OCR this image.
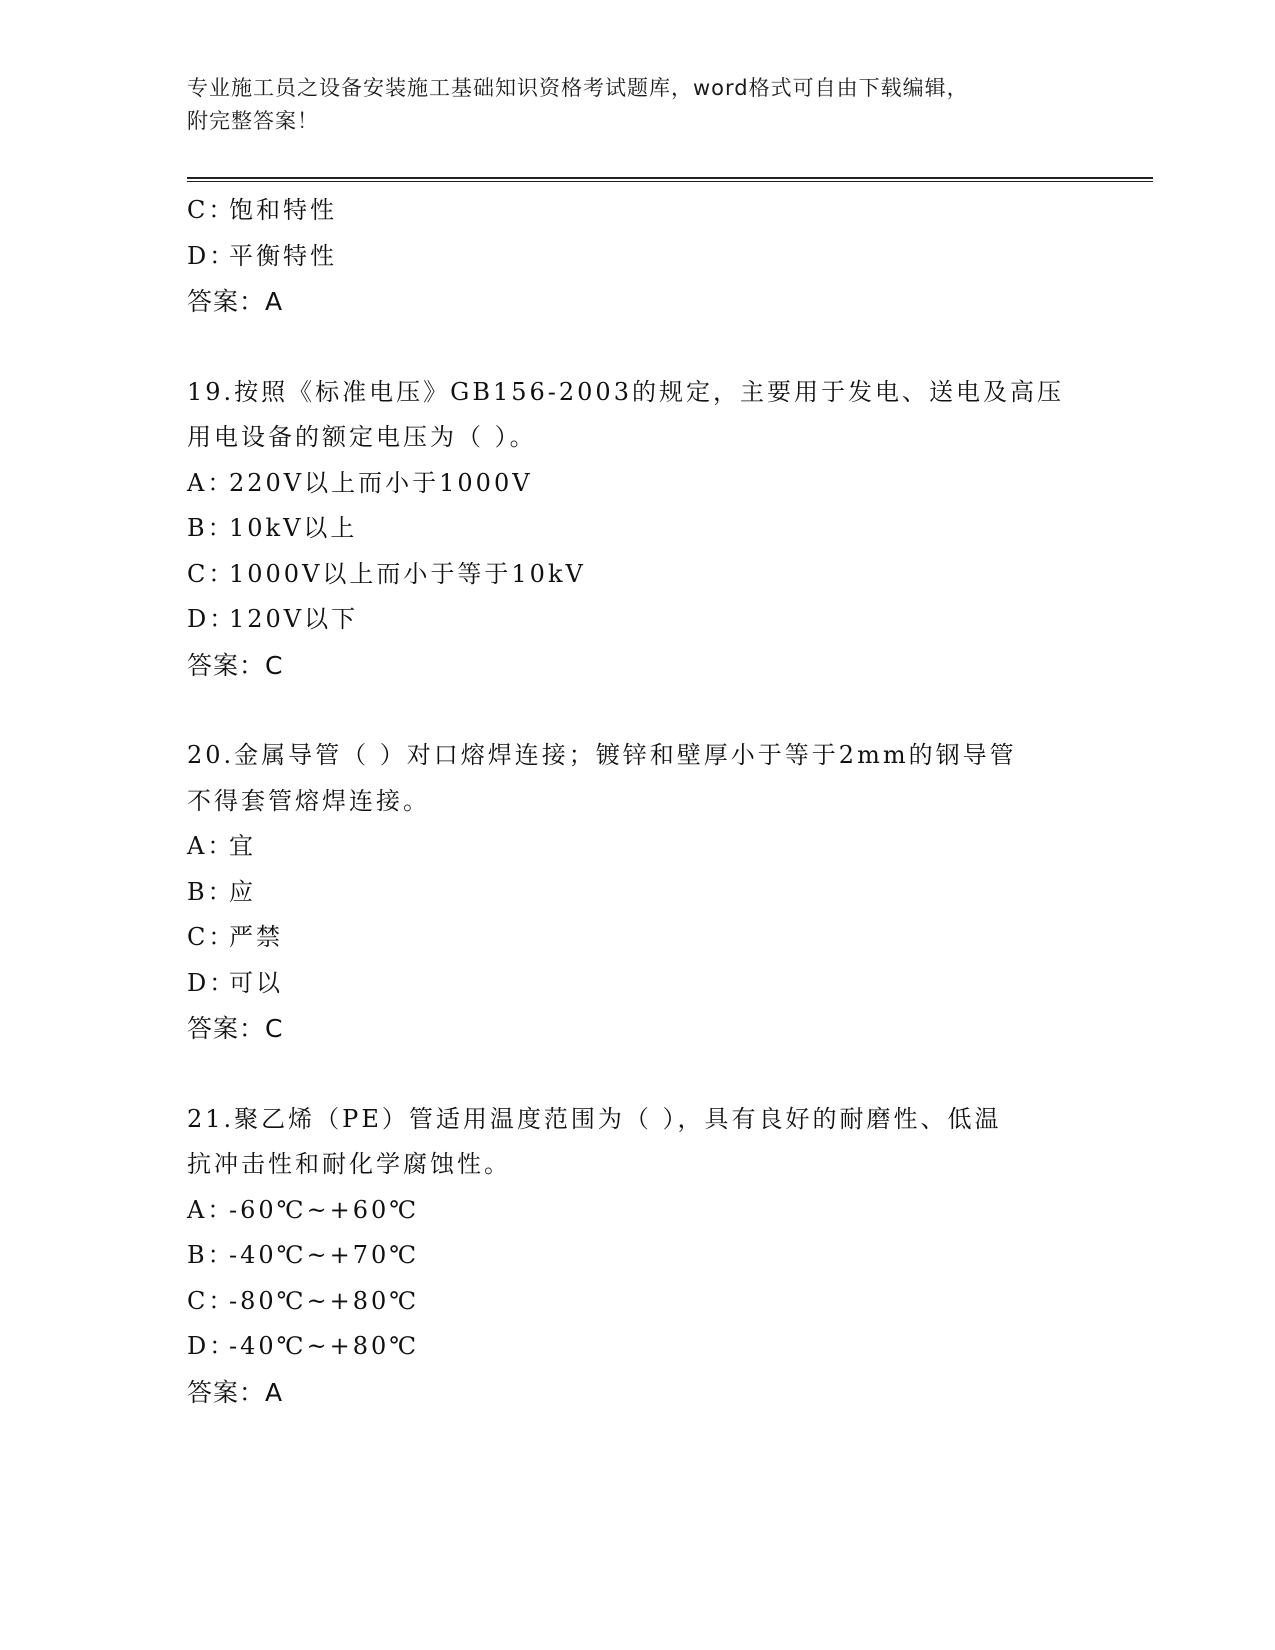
专业施工员之设备安装施工基础知识资格考试题库，word格式可自由下载编辑，
附完整答案！
C：饱和特性
D：平衡特性
答案：A
19.按照《标准电压》GB156-2003的规定，主要用于发电、送电及高压
用电设备的额定电压为（ ）。
A：220V以上而小于1000V
B：10kV以上
C：1000V以上而小于等于10kV
D：120V以下
答案：C
20.金属导管（ ）对口熔焊连接；镀锌和壁厚小于等于2mm的钢导管
不得套管熔焊连接。
A：宜
B：应
C：严禁
D：可以
答案：C
21.聚乙烯（PE）管适用温度范围为（ ），具有良好的耐磨性、低温
抗冲击性和耐化学腐蚀性。
A：-60℃~+60℃
B：-40℃~+70℃
C：-80℃~+80℃
D：-40℃~+80℃
答案：A
